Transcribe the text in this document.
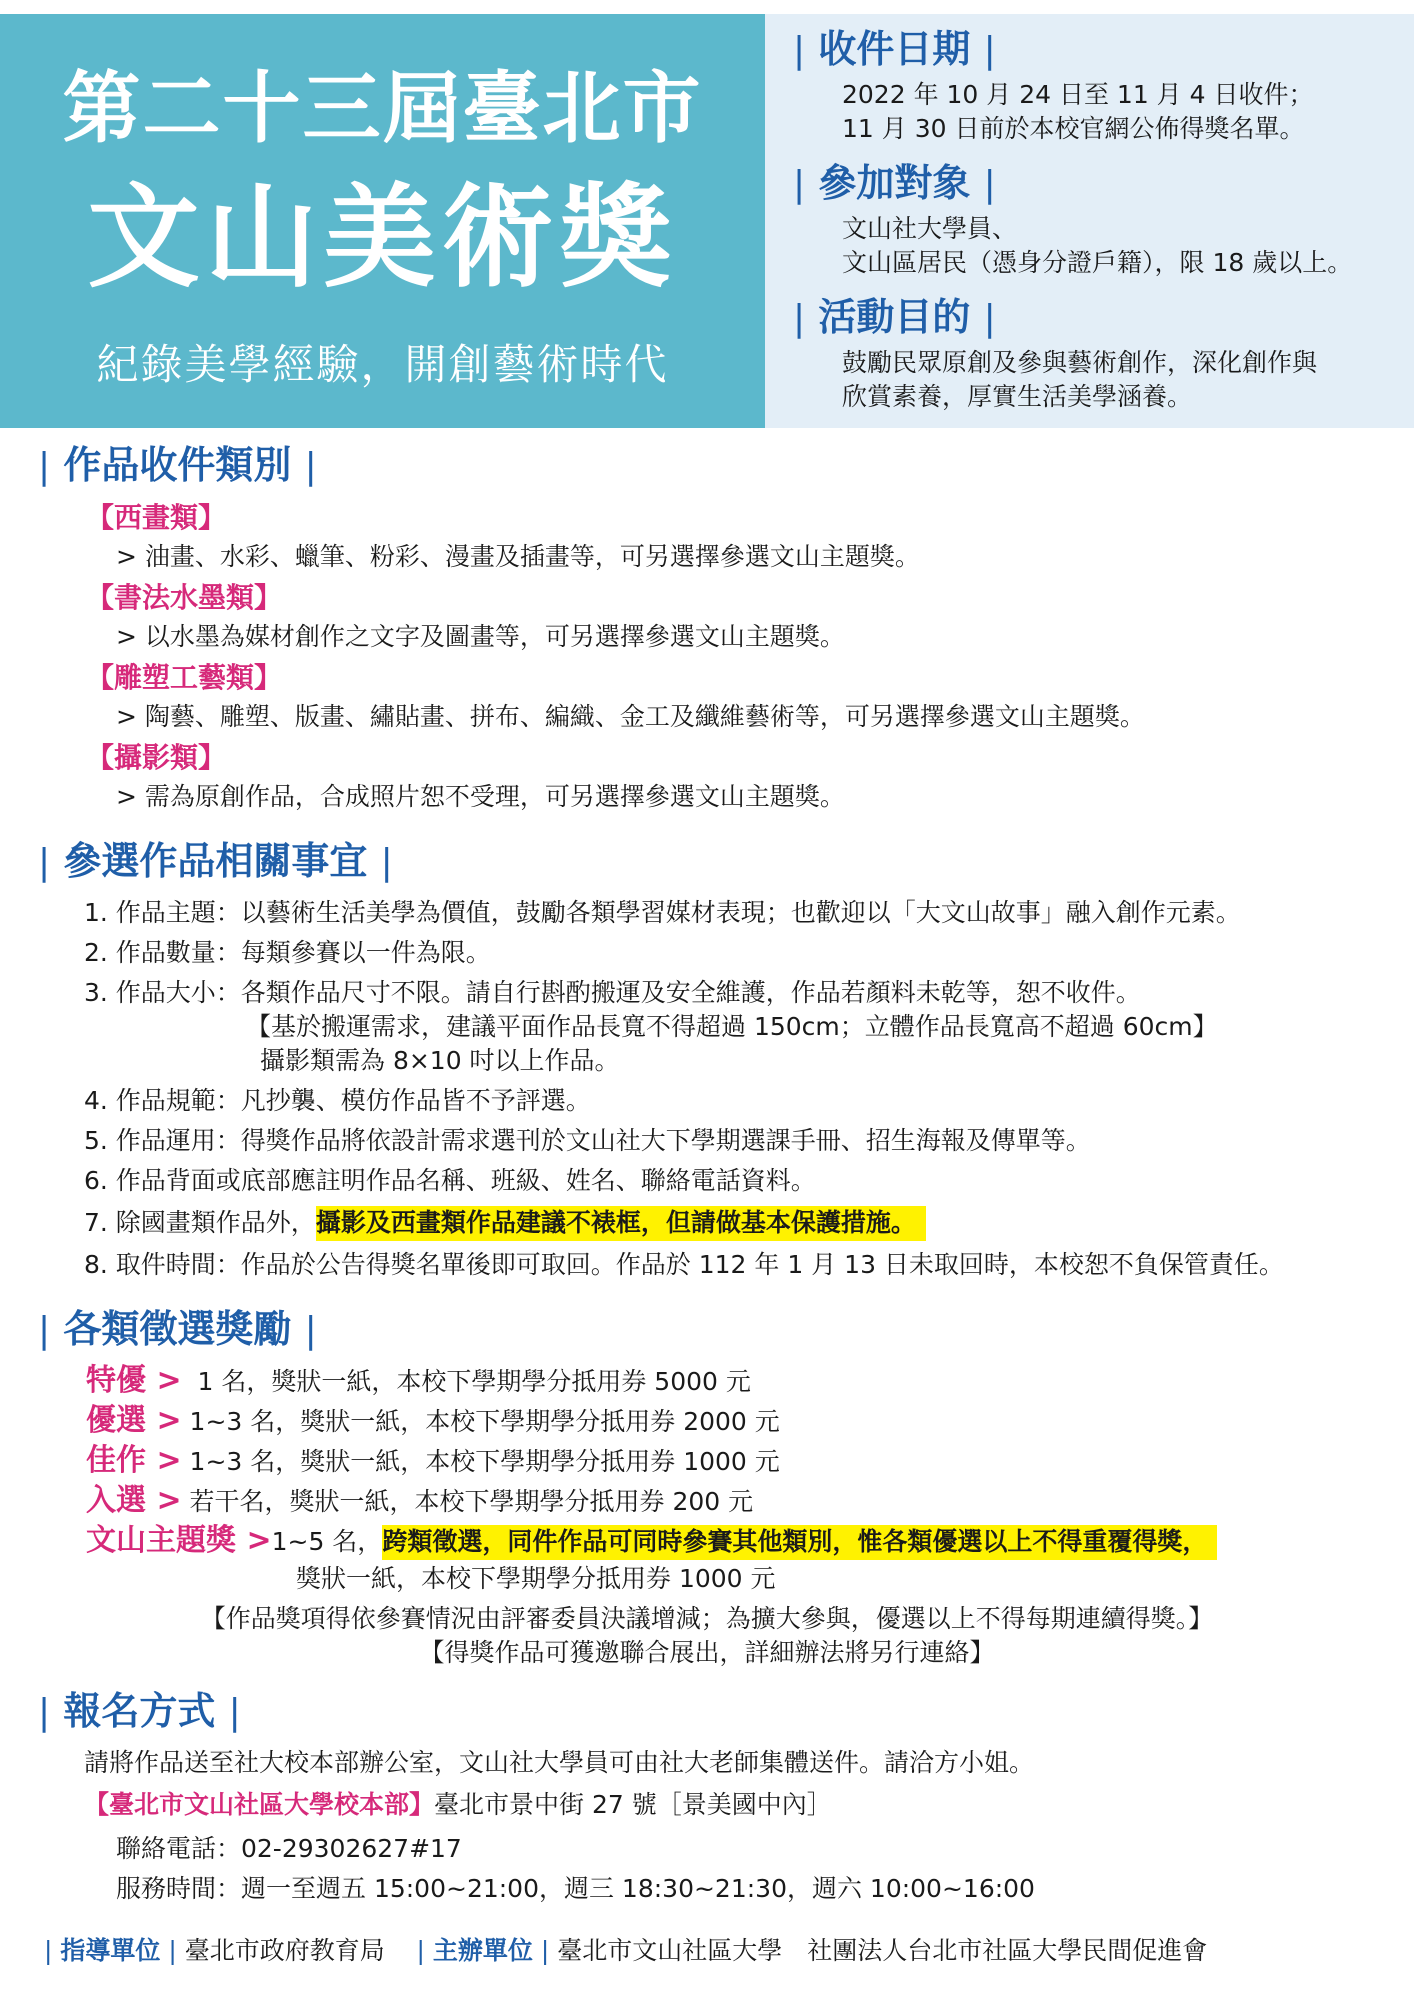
第二十三屆臺北市
文山美術獎
紀錄美學經驗，開創藝術時代
| 收件日期 |
2022 年 10 月 24 日至 11 月 4 日收件；
11 月 30 日前於本校官網公佈得獎名單。
| 參加對象 |
文山社大學員、
文山區居民（憑身分證戶籍），限 18 歲以上。
| 活動目的 |
鼓勵民眾原創及參與藝術創作，深化創作與
欣賞素養，厚實生活美學涵養。
| 作品收件類別 |
【西畫類】
> 油畫、水彩、蠟筆、粉彩、漫畫及插畫等，可另選擇參選文山主題獎。
【書法水墨類】
> 以水墨為媒材創作之文字及圖畫等，可另選擇參選文山主題獎。
【雕塑工藝類】
> 陶藝、雕塑、版畫、繡貼畫、拼布、編織、金工及纖維藝術等，可另選擇參選文山主題獎。
【攝影類】
> 需為原創作品，合成照片恕不受理，可另選擇參選文山主題獎。
| 參選作品相關事宜 |
1. 作品主題：以藝術生活美學為價值，鼓勵各類學習媒材表現；也歡迎以「大文山故事」融入創作元素。
2. 作品數量：每類參賽以一件為限。
3. 作品大小：各類作品尺寸不限。請自行斟酌搬運及安全維護，作品若顏料未乾等，恕不收件。
【基於搬運需求，建議平面作品長寬不得超過 150cm；立體作品長寬高不超過 60cm】
攝影類需為 8×10 吋以上作品。
4. 作品規範：凡抄襲、模仿作品皆不予評選。
5. 作品運用：得獎作品將依設計需求選刊於文山社大下學期選課手冊、招生海報及傳單等。
6. 作品背面或底部應註明作品名稱、班級、姓名、聯絡電話資料。
7. 除國畫類作品外，攝影及西畫類作品建議不裱框，但請做基本保護措施。
8. 取件時間：作品於公告得獎名單後即可取回。作品於 112 年 1 月 13 日未取回時，本校恕不負保管責任。
| 各類徵選獎勵 |
特優 > 1 名，獎狀一紙，本校下學期學分抵用券 5000 元
優選 > 1~3 名，獎狀一紙，本校下學期學分抵用券 2000 元
佳作 > 1~3 名，獎狀一紙，本校下學期學分抵用券 1000 元
入選 > 若干名，獎狀一紙，本校下學期學分抵用券 200 元
文山主題獎 >1~5 名，跨類徵選，同件作品可同時參賽其他類別，惟各類優選以上不得重覆得獎，
獎狀一紙，本校下學期學分抵用券 1000 元
【作品獎項得依參賽情況由評審委員決議增減；為擴大參與，優選以上不得每期連續得獎。】
【得獎作品可獲邀聯合展出，詳細辦法將另行連絡】
| 報名方式 |
請將作品送至社大校本部辦公室，文山社大學員可由社大老師集體送件。請洽方小姐。
【臺北市文山社區大學校本部】臺北市景中街 27 號［景美國中內］
聯絡電話：02-29302627#17
服務時間：週一至週五 15:00~21:00，週三 18:30~21:30，週六 10:00~16:00
| 指導單位 | 臺北市政府教育局 | 主辦單位 | 臺北市文山社區大學　社團法人台北市社區大學民間促進會
